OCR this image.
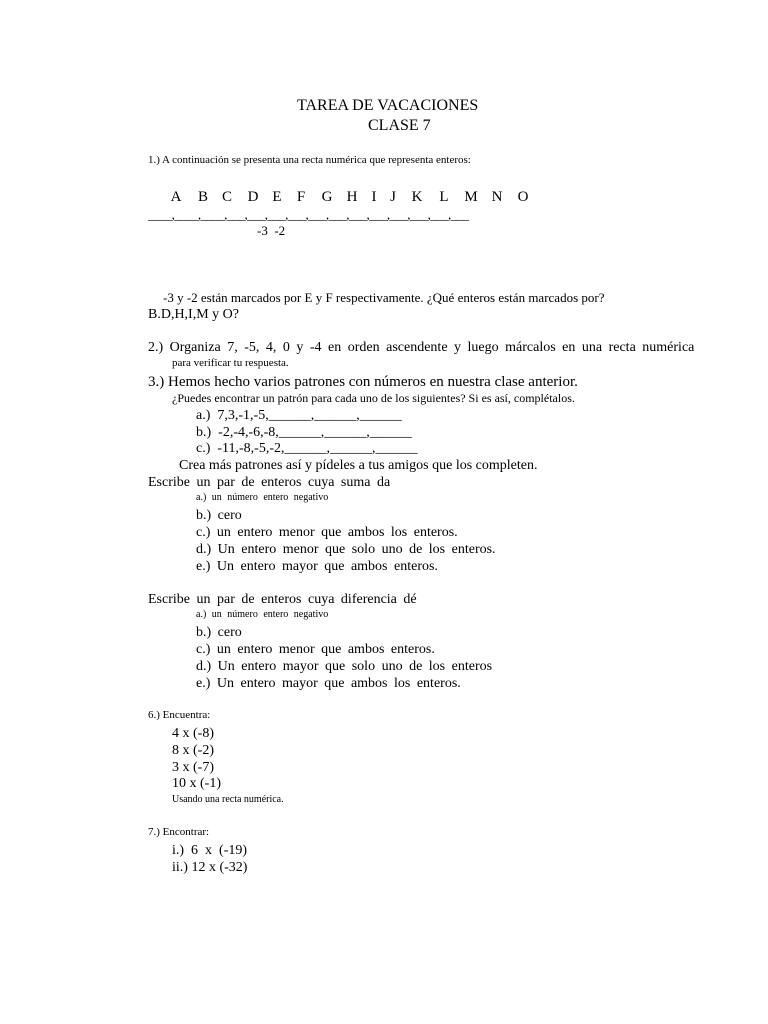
TAREA DE VACACIONES
CLASE 7
1.) A continuación se presenta una recta numérica que representa enteros:
A B C D E F G H I J K L M N O
____,____,____,___,___,___,___,___,___,___,___,___,___,___,___
-3  -2
-3 y -2 están marcados por E y F respectivamente. ¿Qué enteros están marcados por?
B.D,H,I,M y O?
2.) Organiza 7, -5, 4, 0 y -4 en orden ascendente y luego márcalos en una recta numérica
para verificar tu respuesta.
3.) Hemos hecho varios patrones con números en nuestra clase anterior.
¿Puedes encontrar un patrón para cada uno de los siguientes? Si es así, complétalos.
a.)  7,3,-1,-5,______,______,______
b.)  -2,-4,-6,-8,______,______,______
c.)  -11,-8,-5,-2,______,______,______
Crea más patrones así y pídeles a tus amigos que los completen.
Escribe un par de enteros cuya suma da
a.) un número entero negativo
b.) cero
c.) un entero menor que ambos los enteros.
d.) Un entero menor que solo uno de los enteros.
e.) Un entero mayor que ambos enteros.
Escribe un par de enteros cuya diferencia dé
a.) un número entero negativo
b.) cero
c.) un entero menor que ambos enteros.
d.) Un entero mayor que solo uno de los enteros
e.) Un entero mayor que ambos los enteros.
6.) Encuentra:
4 x (-8)
8 x (-2)
3 x (-7)
10 x (-1)
Usando una recta numérica.
7.) Encontrar:
i.)  6  x  (-19)
ii.) 12 x (-32)
